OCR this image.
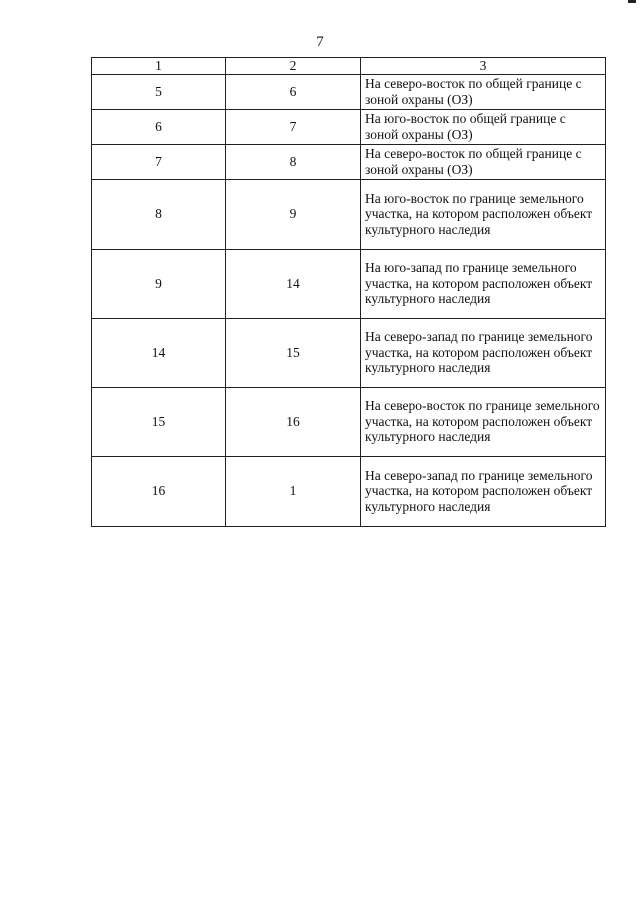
7
1	2	3
5	6	На северо-восток по общей границе с зоной охраны (ОЗ)
6	7	На юго-восток по общей границе с зоной охраны (ОЗ)
7	8	На северо-восток по общей границе с зоной охраны (ОЗ)
8	9	На юго-восток по границе земельного участка, на котором расположен объект культурного наследия
9	14	На юго-запад по границе земельного участка, на котором расположен объект культурного наследия
14	15	На северо-запад по границе земельного участка, на котором расположен объект культурного наследия
15	16	На северо-восток по границе земельного участка, на котором расположен объект культурного наследия
16	1	На северо-запад по границе земельного участка, на котором расположен объект культурного наследия
